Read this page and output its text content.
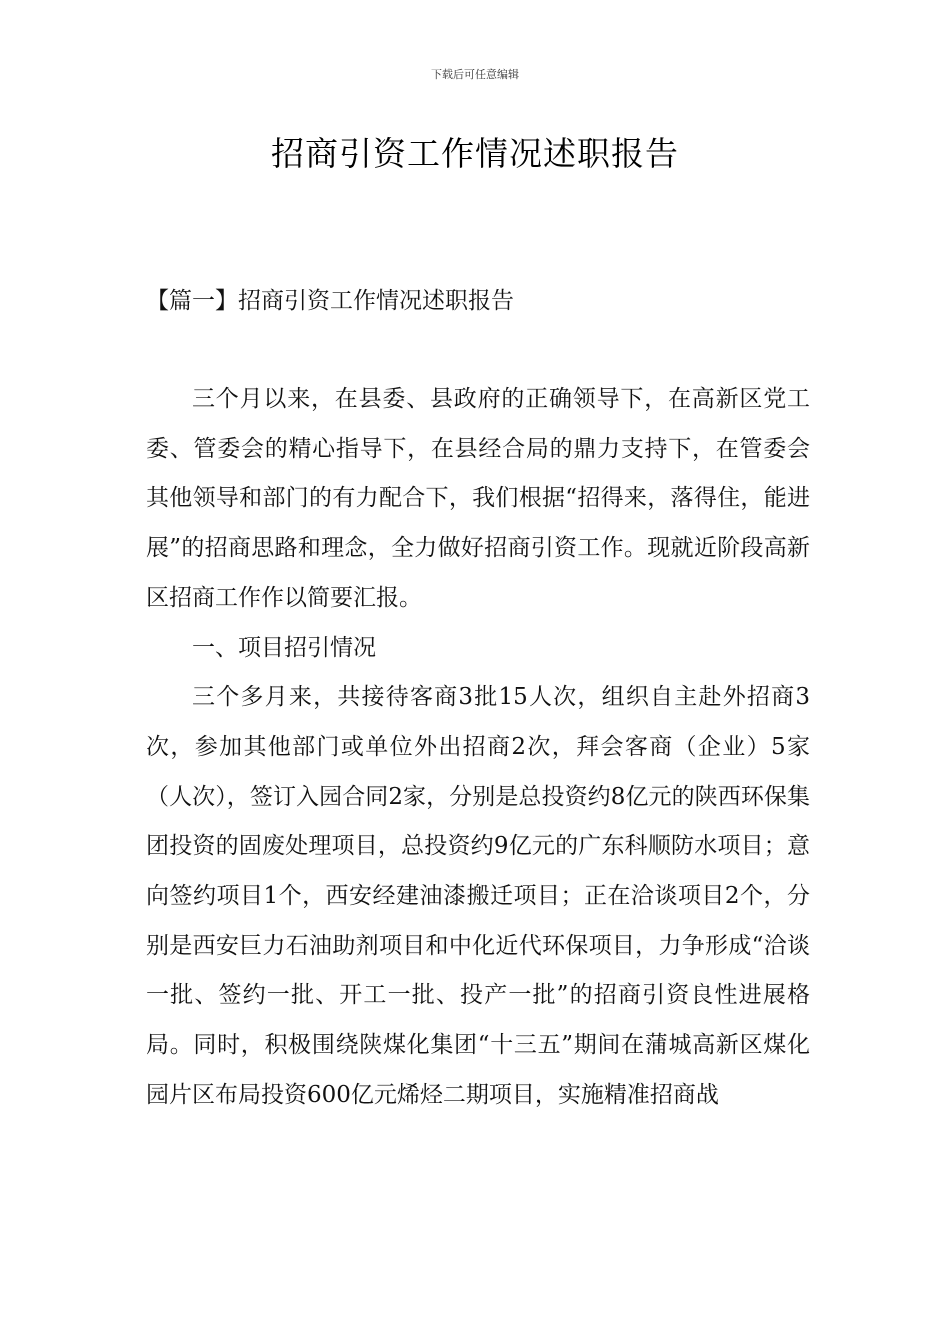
下载后可任意编辑
招商引资工作情况述职报告
【篇一】招商引资工作情况述职报告

三个月以来，在县委、县政府的正确领导下，在高新区党工委、管委会的精心指导下，在县经合局的鼎力支持下，在管委会其他领导和部门的有力配合下，我们根据“招得来，落得住，能进展”的招商思路和理念，全力做好招商引资工作。现就近阶段高新区招商工作作以简要汇报。

一、项目招引情况

三个多月来，共接待客商3批15人次，组织自主赴外招商3次，参加其他部门或单位外出招商2次，拜会客商（企业）5家（人次），签订入园合同2家，分别是总投资约8亿元的陕西环保集团投资的固废处理项目，总投资约9亿元的广东科顺防水项目；意向签约项目1个，西安经建油漆搬迁项目；正在洽谈项目2个，分别是西安巨力石油助剂项目和中化近代环保项目，力争形成“洽谈一批、签约一批、开工一批、投产一批”的招商引资良性进展格局。同时，积极围绕陕煤化集团“十三五”期间在蒲城高新区煤化园片区布局投资600亿元烯烃二期项目，实施精准招商战
